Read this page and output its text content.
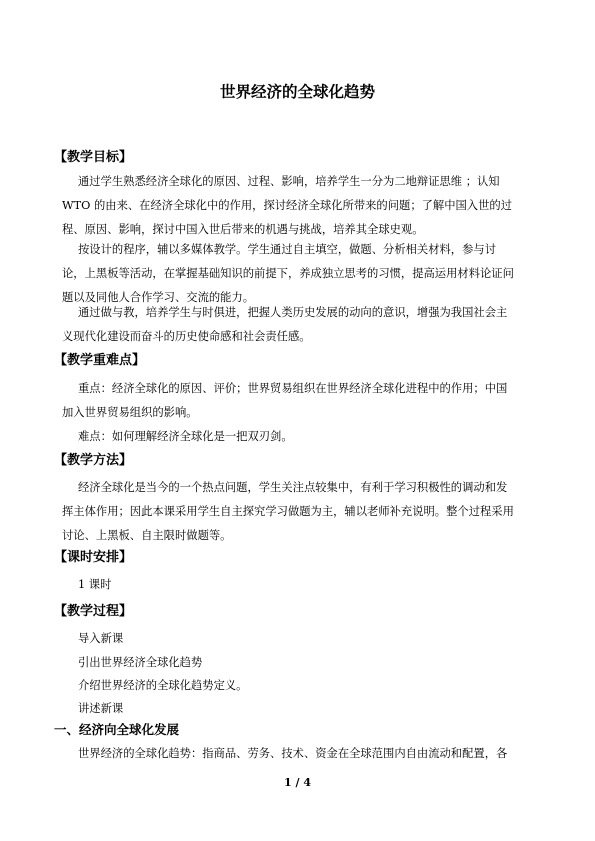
世界经济的全球化趋势
【教学目标】
通过学生熟悉经济全球化的原因、过程、影响，培养学生一分为二地辩证思维 ；认知
WTO 的由来、在经济全球化中的作用，探讨经济全球化所带来的问题；了解中国入世的过
程、原因、影响，探讨中国入世后带来的机遇与挑战，培养其全球史观。
按设计的程序，辅以多媒体教学。学生通过自主填空，做题、分析相关材料，参与讨
论，上黑板等活动，在掌握基础知识的前提下，养成独立思考的习惯，提高运用材料论证问
题以及同他人合作学习、交流的能力。
通过做与教，培养学生与时俱进，把握人类历史发展的动向的意识，增强为我国社会主
义现代化建设而奋斗的历史使命感和社会责任感。
【教学重难点】
重点：经济全球化的原因、评价；世界贸易组织在世界经济全球化进程中的作用；中国
加入世界贸易组织的影响。
难点：如何理解经济全球化是一把双刃剑。
【教学方法】
经济全球化是当今的一个热点问题，学生关注点较集中，有利于学习积极性的调动和发
挥主体作用；因此本课采用学生自主探究学习做题为主，辅以老师补充说明。整个过程采用
讨论、上黑板、自主限时做题等。
【课时安排】
1 课时
【教学过程】
导入新课
引出世界经济全球化趋势
介绍世界经济的全球化趋势定义。
讲述新课
一、经济向全球化发展
世界经济的全球化趋势：指商品、劳务、技术、资金在全球范围内自由流动和配置，各
1 / 4
